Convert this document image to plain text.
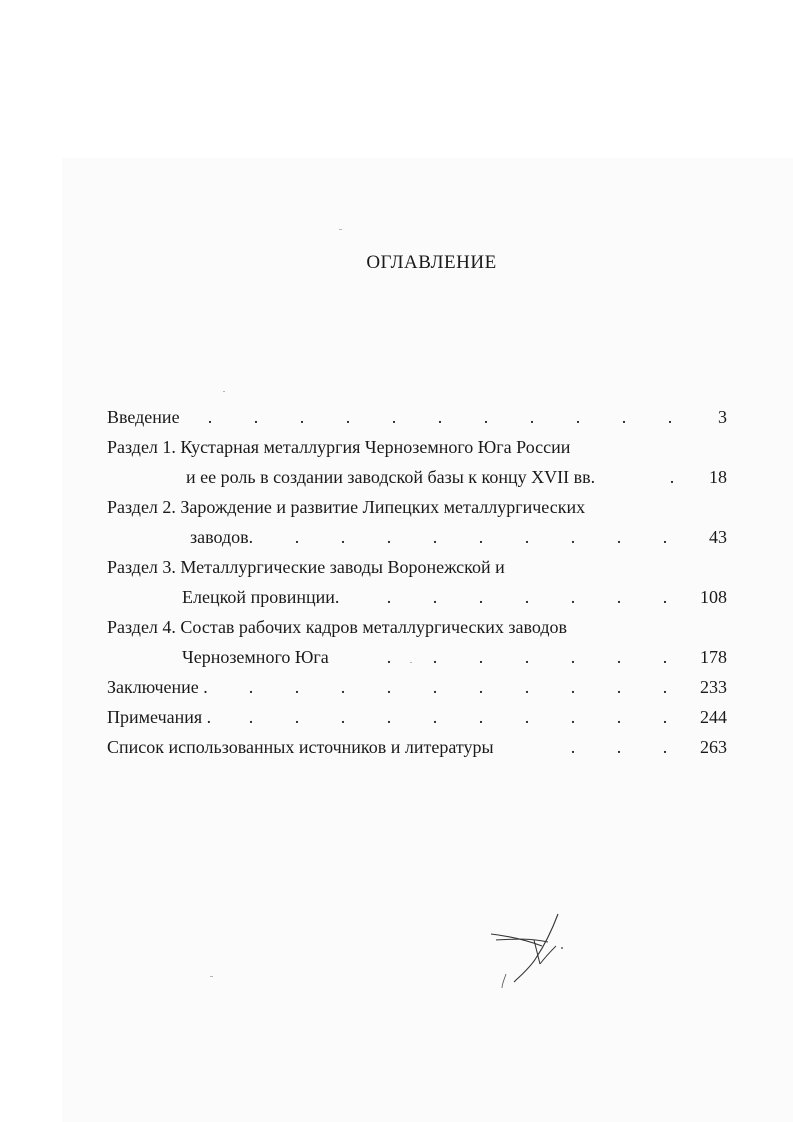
ОГЛАВЛЕНИЕ
Введение	. . . . . . . . . . .	3
Раздел 1. Кустарная металлургия Черноземного Юга России
и ее роль в создании заводской базы к концу XVII вв.	.	18
Раздел 2. Зарождение и развитие Липецких металлургических
заводов.	. . . . . . . . .	43
Раздел 3. Металлургические заводы Воронежской и
Елецкой провинции.	. . . . . . .	108
Раздел 4. Состав рабочих кадров металлургических заводов
Черноземного Юга	. . . . . . .	178
Заключение .	. . . . . . . . . .	233
Примечания .	. . . . . . . . . .	244
Список использованных источников и литературы	. . .	263
